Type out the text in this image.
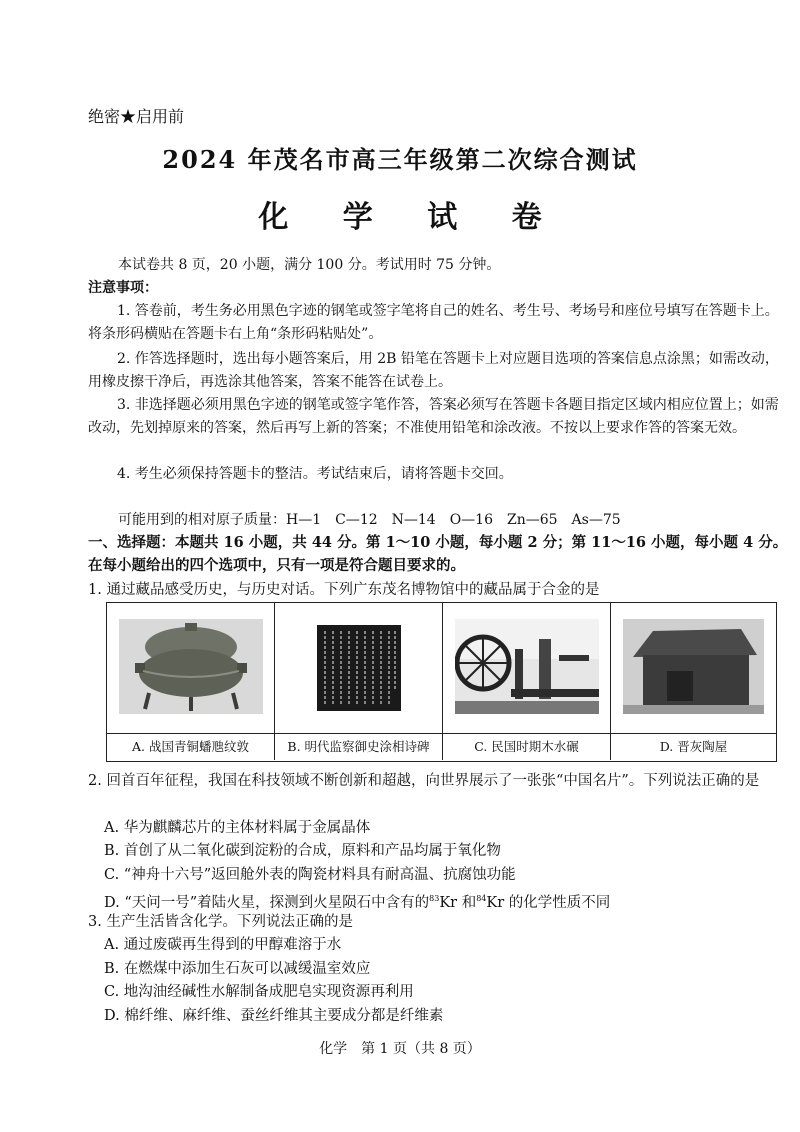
绝密★启用前
2024 年茂名市高三年级第二次综合测试
化 学 试 卷
本试卷共 8 页，20 小题，满分 100 分。考试用时 75 分钟。
注意事项：
1. 答卷前，考生务必用黑色字迹的钢笔或签字笔将自己的姓名、考生号、考场号和座位号填写在答题卡上。将条形码横贴在答题卡右上角“条形码粘贴处”。
2. 作答选择题时，选出每小题答案后，用 2B 铅笔在答题卡上对应题目选项的答案信息点涂黑；如需改动，用橡皮擦干净后，再选涂其他答案，答案不能答在试卷上。
3. 非选择题必须用黑色字迹的钢笔或签字笔作答，答案必须写在答题卡各题目指定区域内相应位置上；如需改动，先划掉原来的答案，然后再写上新的答案；不准使用铅笔和涂改液。不按以上要求作答的答案无效。
4. 考生必须保持答题卡的整洁。考试结束后，请将答题卡交回。
可能用到的相对原子质量：H—1　C—12　N—14　O—16　Zn—65　As—75
一、选择题：本题共 16 小题，共 44 分。第 1～10 小题，每小题 2 分；第 11～16 小题，每小题 4 分。在每小题给出的四个选项中，只有一项是符合题目要求的。
1. 通过藏品感受历史，与历史对话。下列广东茂名博物馆中的藏品属于合金的是
A. 战国青铜蟠虺纹敦	B. 明代监察御史涂相诗碑	C. 民国时期木水碾	D. 晋灰陶屋
2. 回首百年征程，我国在科技领域不断创新和超越，向世界展示了一张张“中国名片”。下列说法正确的是
A. 华为麒麟芯片的主体材料属于金属晶体
B. 首创了从二氧化碳到淀粉的合成，原料和产品均属于氧化物
C. “神舟十六号”返回舱外表的陶瓷材料具有耐高温、抗腐蚀功能
D. “天问一号”着陆火星，探测到火星陨石中含有的$^{83}$Kr 和$^{84}$Kr 的化学性质不同
3. 生产生活皆含化学。下列说法正确的是
A. 通过废碳再生得到的甲醇难溶于水
B. 在燃煤中添加生石灰可以减缓温室效应
C. 地沟油经碱性水解制备成肥皂实现资源再利用
D. 棉纤维、麻纤维、蚕丝纤维其主要成分都是纤维素
化学　第 1 页（共 8 页）
